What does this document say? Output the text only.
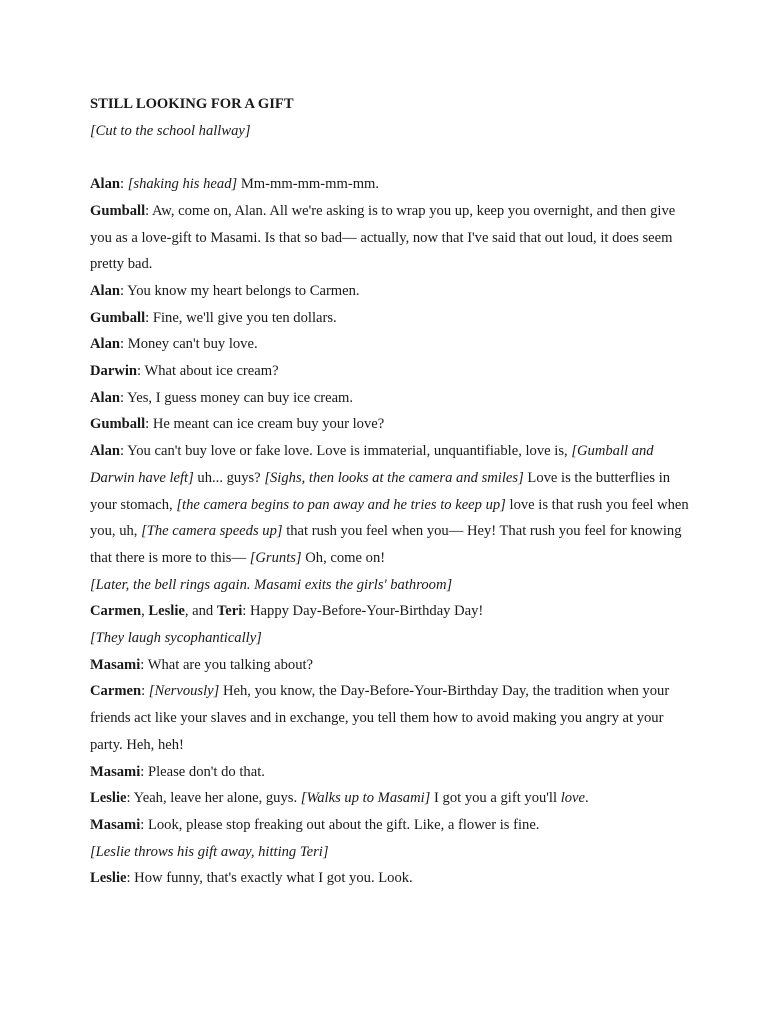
STILL LOOKING FOR A GIFT

[Cut to the school hallway]

Alan: [shaking his head] Mm-mm-mm-mm-mm.

Gumball: Aw, come on, Alan. All we're asking is to wrap you up, keep you overnight, and then give you as a love-gift to Masami. Is that so bad— actually, now that I've said that out loud, it does seem pretty bad.

Alan: You know my heart belongs to Carmen.

Gumball: Fine, we'll give you ten dollars.

Alan: Money can't buy love.

Darwin: What about ice cream?

Alan: Yes, I guess money can buy ice cream.

Gumball: He meant can ice cream buy your love?

Alan: You can't buy love or fake love. Love is immaterial, unquantifiable, love is, [Gumball and Darwin have left] uh... guys? [Sighs, then looks at the camera and smiles] Love is the butterflies in your stomach, [the camera begins to pan away and he tries to keep up] love is that rush you feel when you, uh, [The camera speeds up] that rush you feel when you— Hey! That rush you feel for knowing that there is more to this— [Grunts] Oh, come on!

[Later, the bell rings again. Masami exits the girls' bathroom]

Carmen, Leslie, and Teri: Happy Day-Before-Your-Birthday Day!

[They laugh sycophantically]

Masami: What are you talking about?

Carmen: [Nervously] Heh, you know, the Day-Before-Your-Birthday Day, the tradition when your friends act like your slaves and in exchange, you tell them how to avoid making you angry at your party. Heh, heh!

Masami: Please don't do that.

Leslie: Yeah, leave her alone, guys. [Walks up to Masami] I got you a gift you'll love.

Masami: Look, please stop freaking out about the gift. Like, a flower is fine.

[Leslie throws his gift away, hitting Teri]

Leslie: How funny, that's exactly what I got you. Look.
